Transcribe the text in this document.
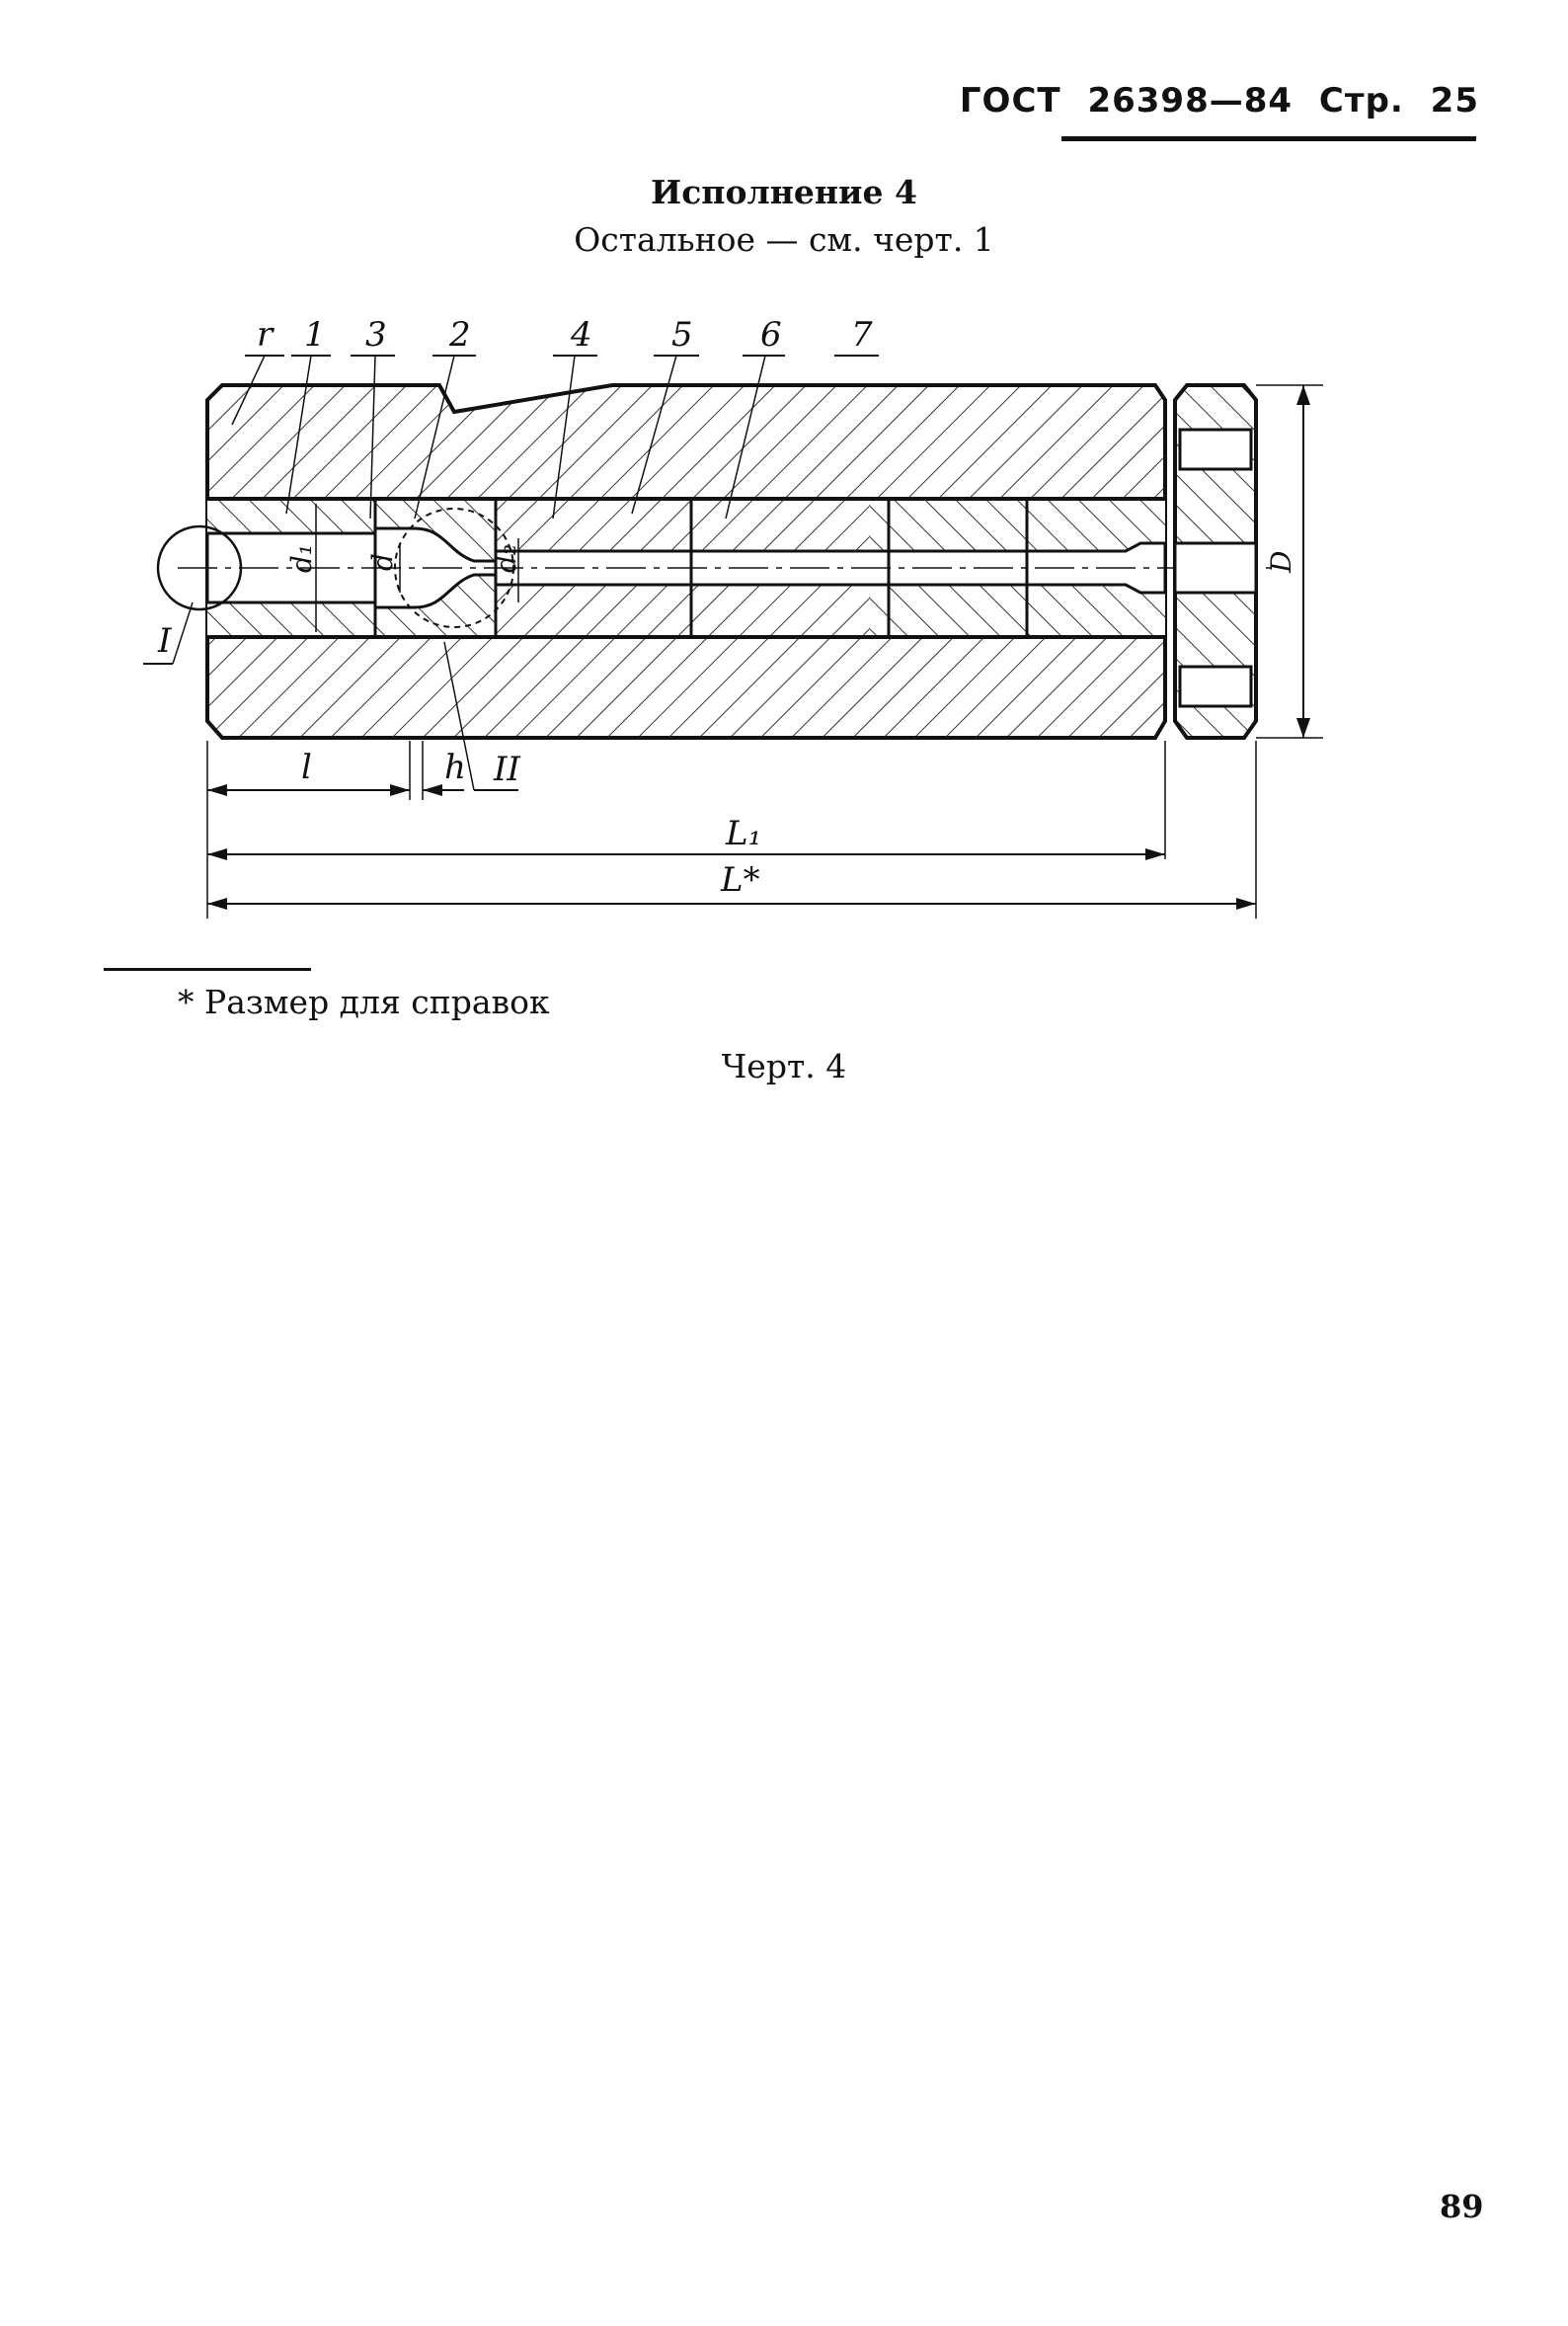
ГОСТ 26398—84 Стр. 25
Исполнение 4
Остальное — см. черт. 1
r 1 3 2	4 5 6 7
d₁ d	d₂	D
I
II
l	h
L₁
L*
* Размер для справок
Черт. 4
89
